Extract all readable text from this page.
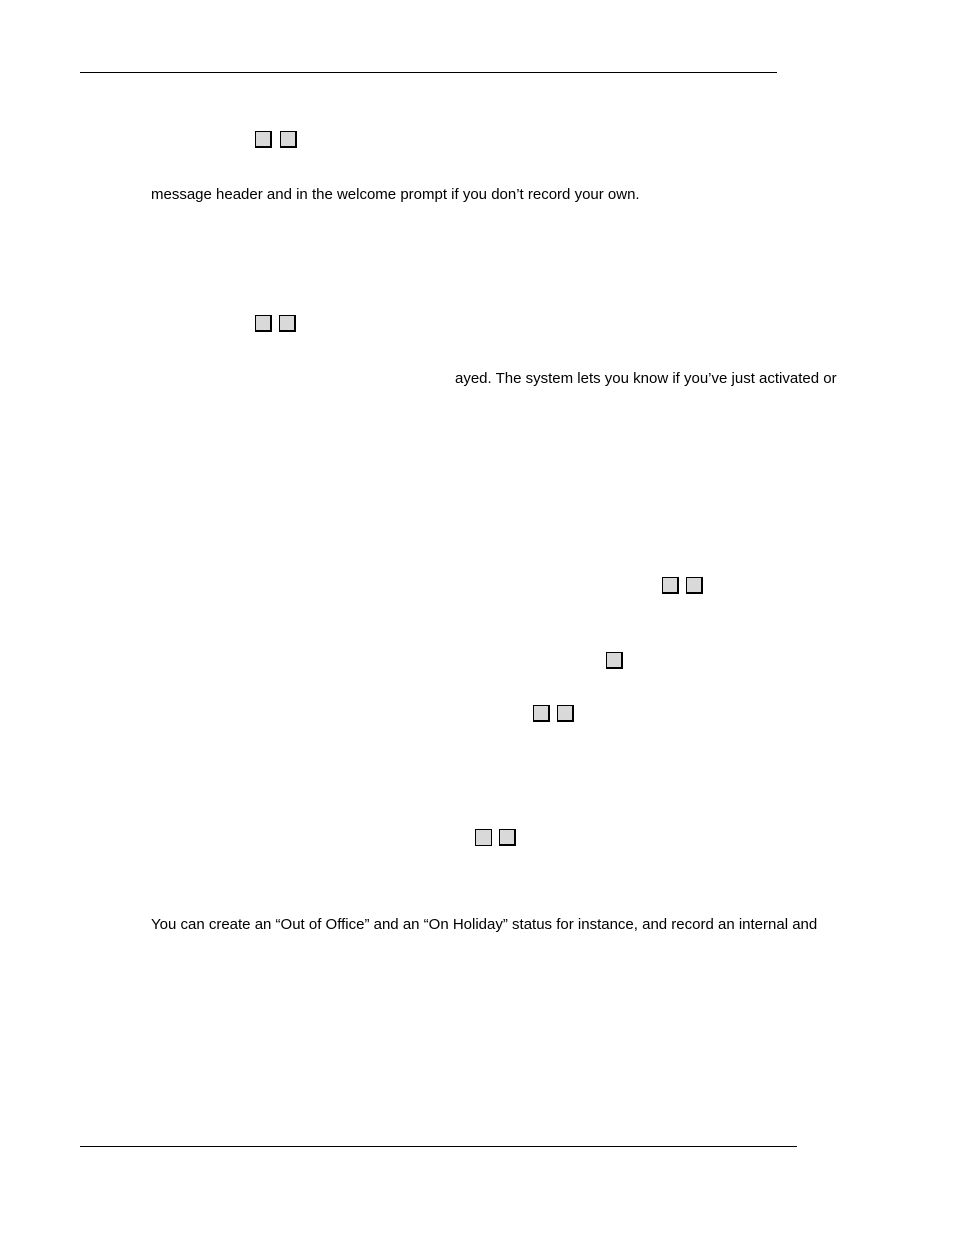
message header and in the welcome prompt if you don’t record your own.
ayed. The system lets you know if you’ve just activated or
You can create an “Out of Office” and an “On Holiday” status for instance, and record an internal and
